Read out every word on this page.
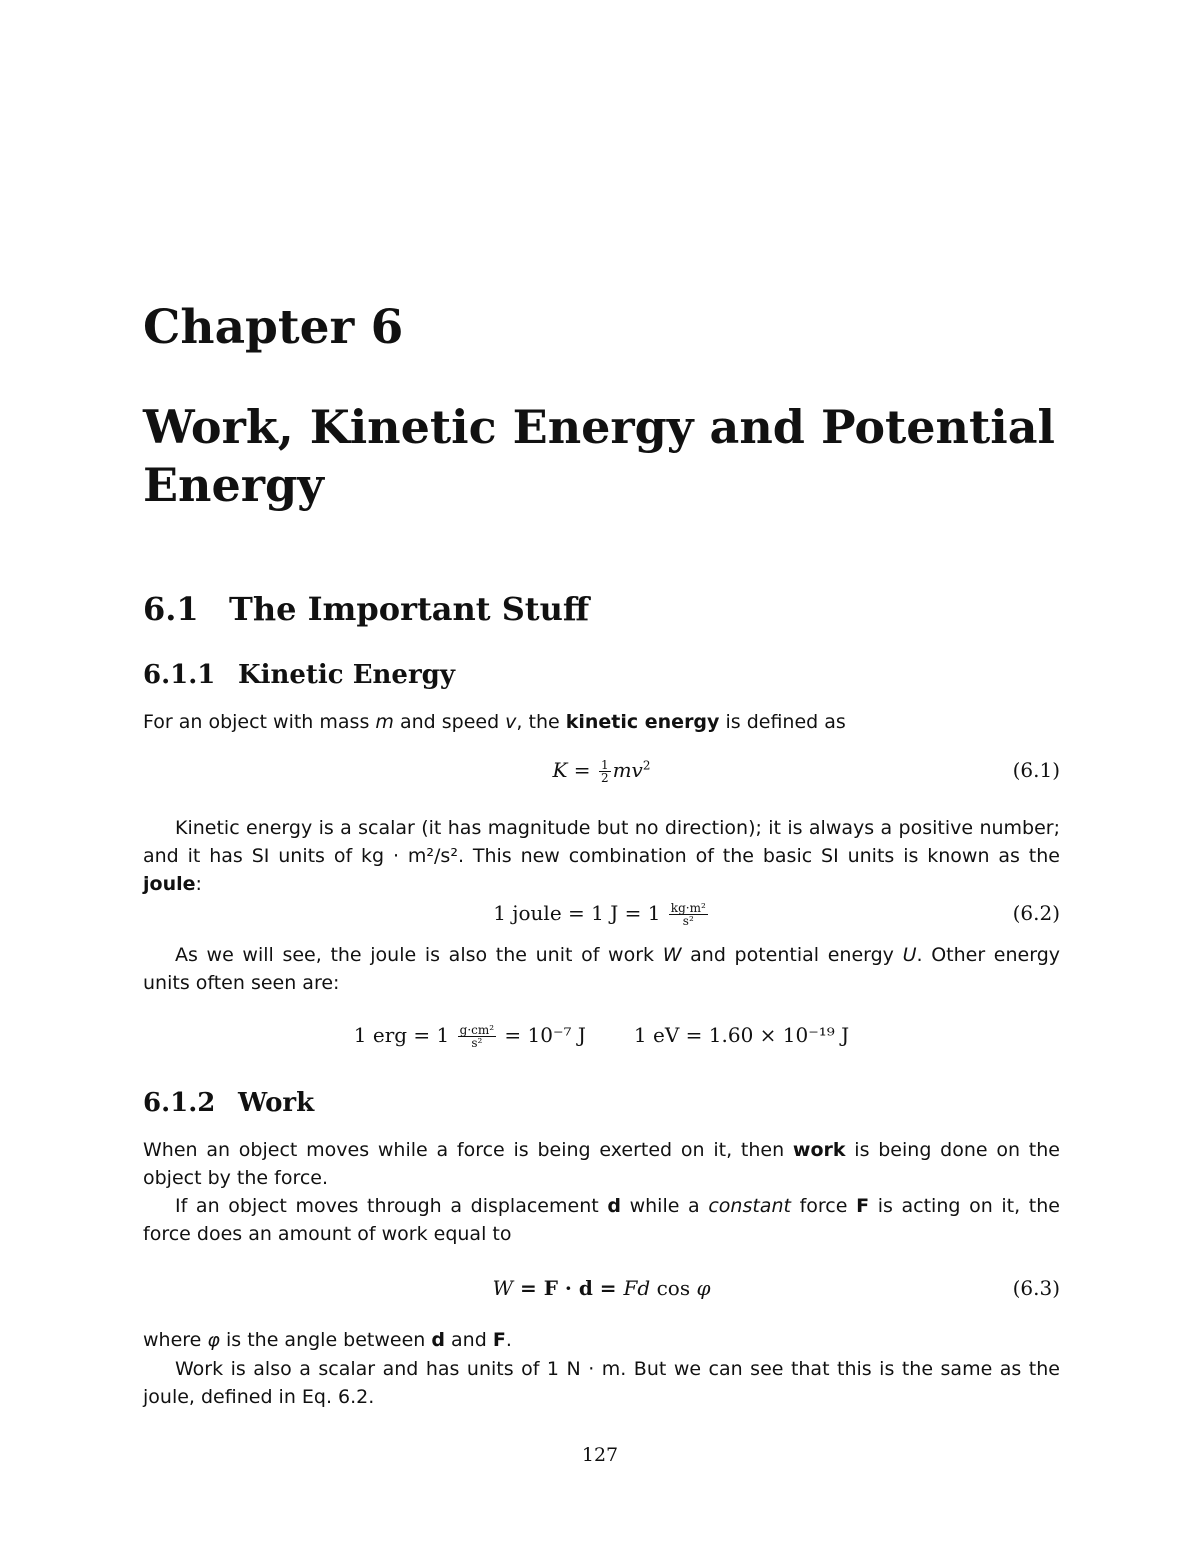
Chapter 6
Work, Kinetic Energy and Potential Energy
6.1 The Important Stuff
6.1.1 Kinetic Energy
For an object with mass m and speed v, the kinetic energy is defined as
$K = \frac{1}{2} mv^2$	(6.1)
Kinetic energy is a scalar (it has magnitude but no direction); it is always a positive number; and it has SI units of kg · m²/s². This new combination of the basic SI units is known as the joule:
1 joule = 1 $J = 1 \frac{\text{kg·m²}}{\text{s²}}$	(6.2)
As we will see, the joule is also the unit of work W and potential energy U. Other energy units often seen are:
1 erg = $1 \frac{\text{g·cm²}}{\text{s²}} = 10^{-7}$ J 1 eV = 1.60 × 10⁻¹⁹ J
6.1.2 Work
When an object moves while a force is being exerted on it, then work is being done on the object by the force.
If an object moves through a displacement d while a constant force F is acting on it, the force does an amount of work equal to
W = F · d = Fd cos φ	(6.3)
where φ is the angle between d and F.
Work is also a scalar and has units of 1 N · m. But we can see that this is the same as the joule, defined in Eq. 6.2.
127
